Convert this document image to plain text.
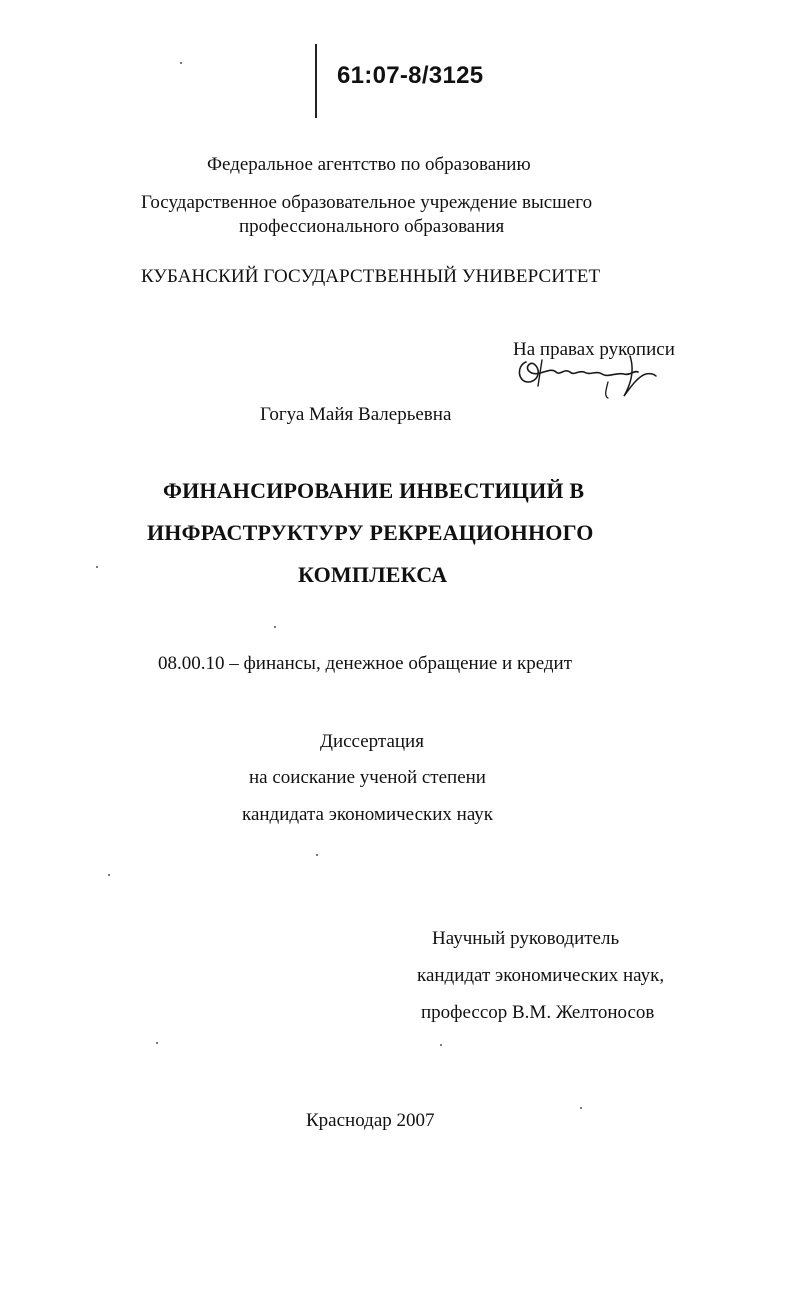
61:07-8/3125
Федеральное агентство по образованию
Государственное образовательное учреждение высшего
профессионального образования
КУБАНСКИЙ ГОСУДАРСТВЕННЫЙ УНИВЕРСИТЕТ
На правах рукописи
Гогуа Майя Валерьевна
ФИНАНСИРОВАНИЕ ИНВЕСТИЦИЙ В
ИНФРАСТРУКТУРУ РЕКРЕАЦИОННОГО
КОМПЛЕКСА
08.00.10 – финансы, денежное обращение и кредит
Диссертация
на соискание ученой степени
кандидата экономических наук
Научный руководитель
кандидат экономических наук,
профессор В.М. Желтоносов
Краснодар 2007
